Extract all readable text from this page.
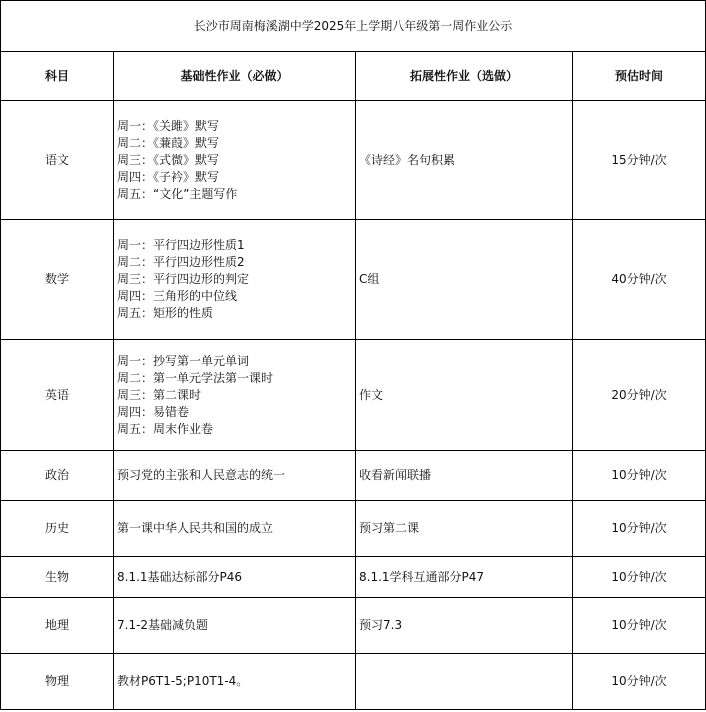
长沙市周南梅溪湖中学2025年上学期八年级第一周作业公示			
科目	基础性作业（必做）	拓展性作业（选做）	预估时间
语文	周一：《关雎》默写
周二：《蒹葭》默写
周三：《式微》默写
周四：《子衿》默写
周五：“文化”主题写作	《诗经》名句积累	15分钟/次
数学	周一：平行四边形性质1
周二：平行四边形性质2
周三：平行四边形的判定
周四：三角形的中位线
周五：矩形的性质	C组	40分钟/次
英语	周一：抄写第一单元单词
周二：第一单元学法第一课时
周三：第二课时
周四：易错卷
周五：周末作业卷	作文	20分钟/次
政治	预习党的主张和人民意志的统一	收看新闻联播	10分钟/次
历史	第一课中华人民共和国的成立	预习第二课	10分钟/次
生物	8.1.1基础达标部分P46	8.1.1学科互通部分P47	10分钟/次
地理	7.1-2基础减负题	预习7.3	10分钟/次
物理	教材P6T1-5;P10T1-4。		10分钟/次
